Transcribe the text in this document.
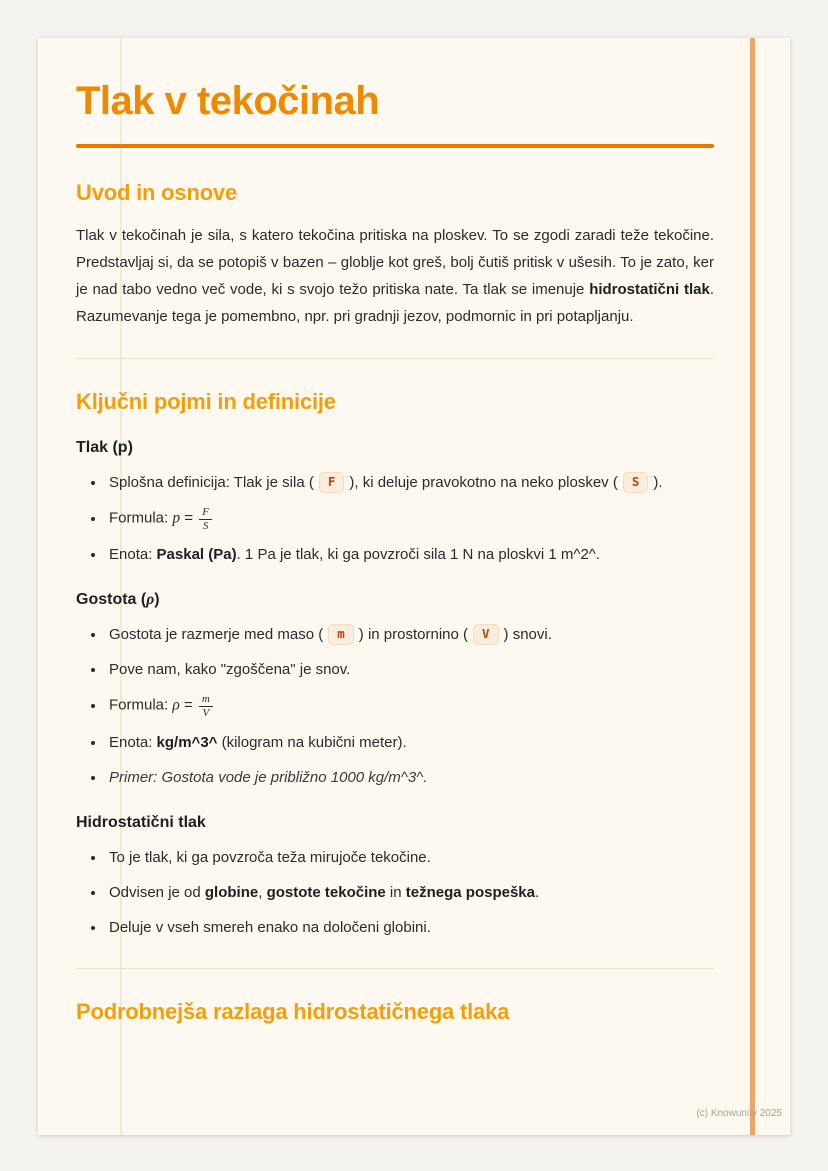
Tlak v tekočinah
Uvod in osnove

Tlak v tekočinah je sila, s katero tekočina pritiska na ploskev. To se zgodi zaradi teže tekočine. Predstavljaj si, da se potopiš v bazen – globlje kot greš, bolj čutiš pritisk v ušesih. To je zato, ker je nad tabo vedno več vode, ki s svojo težo pritiska nate. Ta tlak se imenuje hidrostatični tlak. Razumevanje tega je pomembno, npr. pri gradnji jezov, podmornic in pri potapljanju.

Ključni pojmi in definicije
Tlak (p)
• Splošna definicija: Tlak je sila ( F ), ki deluje pravokotno na neko ploskev ( S ).
• Formula: $p = \frac{F}{S}$
• Enota: Paskal (Pa). 1 Pa je tlak, ki ga povzroči sila 1 N na ploskvi 1 m^2^.
Gostota (ρ)
• Gostota je razmerje med maso ( m ) in prostornino ( V ) snovi.
• Pove nam, kako "zgoščena" je snov.
• Formula: $\rho = \frac{m}{V}$
• Enota: kg/m^3^ (kilogram na kubični meter).
• Primer: Gostota vode je približno 1000 kg/m^3^.
Hidrostatični tlak
• To je tlak, ki ga povzroča teža mirujoče tekočine.
• Odvisen je od globine, gostote tekočine in težnega pospeška.
• Deluje v vseh smereh enako na določeni globini.
Podrobnejša razlaga hidrostatičnega tlaka
(c) Knowunity 2025
